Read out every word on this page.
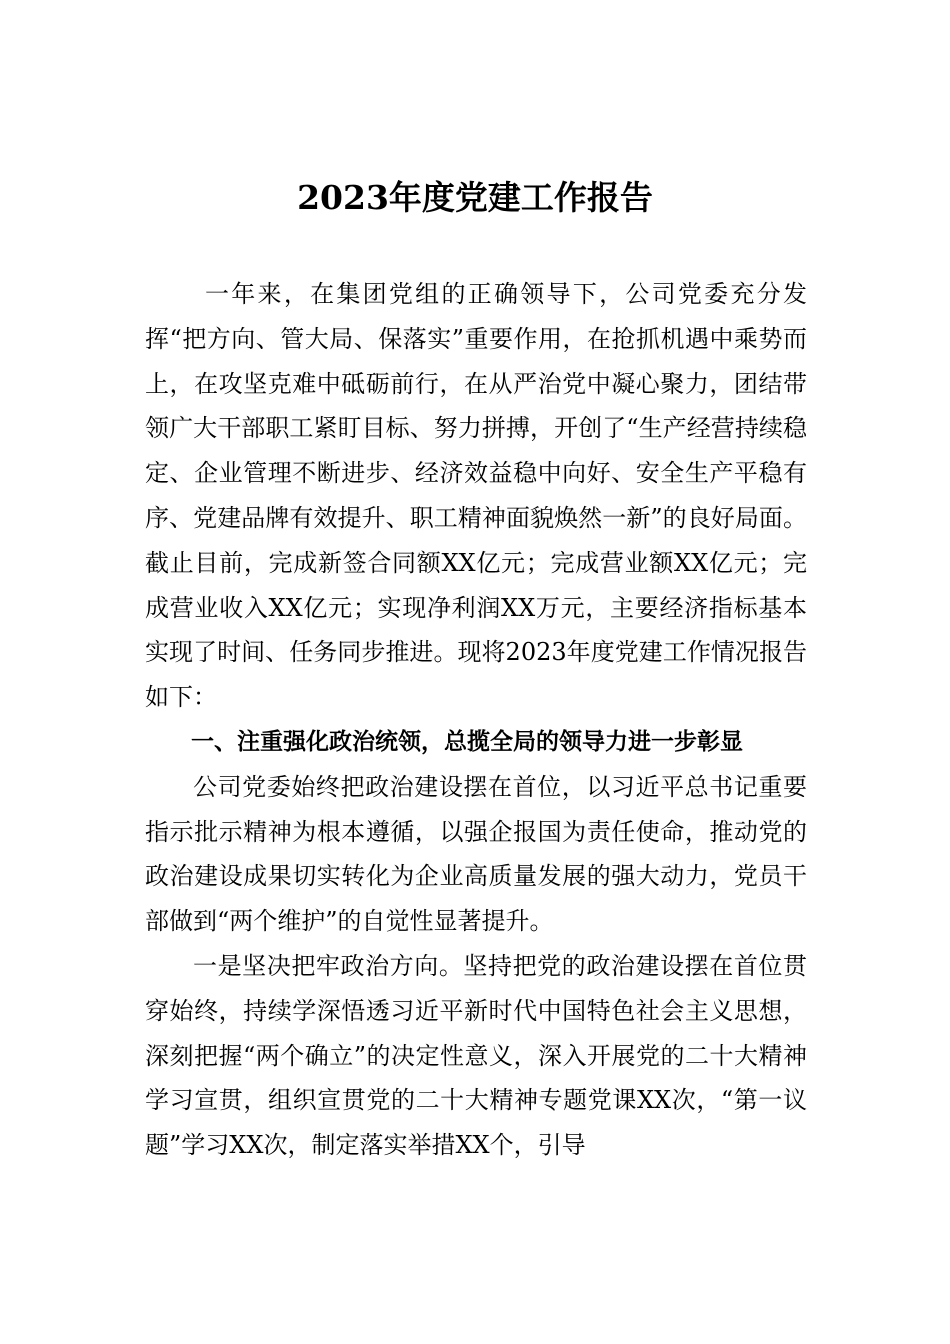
2023年度党建工作报告

一年来，在集团党组的正确领导下，公司党委充分发挥“把方向、管大局、保落实”重要作用，在抢抓机遇中乘势而上，在攻坚克难中砥砺前行，在从严治党中凝心聚力，团结带领广大干部职工紧盯目标、努力拼搏，开创了“生产经营持续稳定、企业管理不断进步、经济效益稳中向好、安全生产平稳有序、党建品牌有效提升、职工精神面貌焕然一新”的良好局面。截止目前，完成新签合同额XX亿元；完成营业额XX亿元；完成营业收入XX亿元；实现净利润XX万元，主要经济指标基本实现了时间、任务同步推进。现将2023年度党建工作情况报告如下：

一、注重强化政治统领，总揽全局的领导力进一步彰显

公司党委始终把政治建设摆在首位，以习近平总书记重要指示批示精神为根本遵循，以强企报国为责任使命，推动党的政治建设成果切实转化为企业高质量发展的强大动力，党员干部做到“两个维护”的自觉性显著提升。

一是坚决把牢政治方向。坚持把党的政治建设摆在首位贯穿始终，持续学深悟透习近平新时代中国特色社会主义思想，深刻把握“两个确立”的决定性意义，深入开展党的二十大精神学习宣贯，组织宣贯党的二十大精神专题党课XX次，“第一议题”学习XX次，制定落实举措XX个，引导
